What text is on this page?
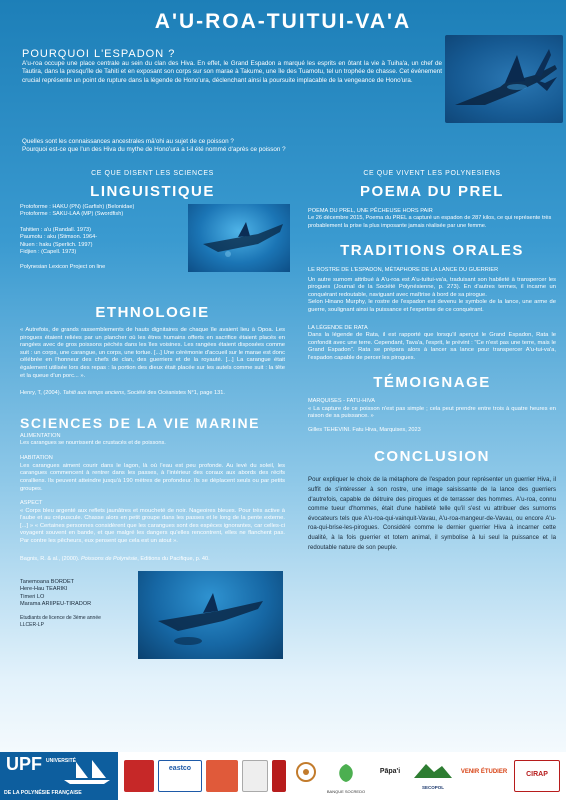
A'U-ROA-TUITUI-VA'A
POURQUOI L'ESPADON ?
A'u-roa occupe une place centrale au sein du clan des Hiva. En effet, le Grand Espadon a marqué les esprits en ôtant la vie à Tuiha'a, un chef de Tautira, dans la presqu'île de Tahiti et en exposant son corps sur son marae à Takume, une île des Tuamotu, tel un trophée de chasse. Cet événement crucial représente un point de rupture dans la légende de Hono'ura, déclenchant ainsi la poursuite implacable de la vengeance de Hono'ura.
Quelles sont les connaissances ancestrales mā'ohi au sujet de ce poisson ?
Pourquoi est-ce que l'un des Hiva du mythe de Hono'ura a t-il été nommé d'après ce poisson ?
CE QUE DISENT LES SCIENCES
LINGUISTIQUE
Protoforme : HAKU (PN) (Garfish) (Belonidae)
Protoforme : SAKU-LAA (MP) (Swordfish)
Tahitien : a'u (Randall. 1973)
Paumotu : aku (Stimson. 1964-
Niuen : haku (Sperlich. 1997)
Fidjien : (Capell. 1973)
Polynesian Lexicon Project on line
ETHNOLOGIE
« Autrefois, de grands rassemblements de hauts dignitaires de chaque île avaient lieu à Opoa. Les pirogues étaient reliées par un plancher où les êtres humains offerts en sacrifice étaient placés en rangées avec de gros poissons péchés dans les îles voisines. Les rangées étaient disposées comme suit : un corps, une carangue, un corps, une tortue. [...] Une cérémonie d'accueil sur le marae est donc célébrée en l'honneur des chefs de clan, des guerriers et de la royauté. [...] La carangue était également utilisée lors des repas : la portion des dieux était placée sur les autels comme suit : la tête et la queue d'un porc... ».
Henry, T, (2004). Tahiti aux temps anciens, Société des Océanistes N°1, page 131.
SCIENCES DE LA VIE MARINE
ALIMENTATION
Les carangues se nourrissent de crustacés et de poissons.
HABITATION
Les carangues aiment courir dans le lagon, là où l'eau est peu profonde. Au levé du soleil, les carangues commencent à rentrer dans les passes, à l'intérieur des coraux aux abords des récifs coralliens. Ils peuvent atteindre jusqu'à 190 mètres de profondeur. Ils se déplacent seuls ou par petits groupes.
ASPECT
« Corps bleu argenté aux reflets jaunâtres et moucheté de noir. Nageoires bleues. Pour très active à l'aube et au crépuscule. Chasse alors en petit groupe dans les passes et le long de la pente externe. [...] » « Certaines personnes considèrent que les carangues sont des espèces ignorantes, car celles-ci voyagent souvent en bande, et que malgré les dangers qu'elles rencontrent, elles ne flanchent pas. Par contre les pêcheurs, eux pensent que cela est un atout ».
Bagnis, R. & al., (2000). Poissons de Polynésie, Editions du Pacifique, p. 40.
Tanemoana BORDET
Here-Hau TEARIKI
Timeri LO
Marama ARIIPEU-TIRADOR
Etudiants de licence de 3ème année
LLCER-LP
CE QUE VIVENT LES POLYNESIENS
POEMA DU PREL
POEMA DU PREL, UNE PÊCHEUSE HORS PAIR
Le 26 décembre 2015, Poema du PREL a capturé un espadon de 287 kilos, ce qui représente très probablement la prise la plus imposante jamais réalisée par une femme.
TRADITIONS ORALES
LE ROSTRE DE L'ESPADON, MÉTAPHORE DE LA LANCE DU GUERRIER
Un autre surnom attribué à A'u-roa est A'u-tuitui-va'a, traduisant son habileté à transpercer les pirogues (Journal de la Société Polynésienne, p. 273). En d'autres termes, il incarne un conquérant redoutable, naviguant avec maîtrise à bord de sa pirogue.
Selon Hinano Murphy, le rostre de l'espadon est devenu le symbole de la lance, une arme de guerre, soulignant ainsi la puissance et l'expertise de ce conquérant.
LA LÉGENDE DE RATA
Dans la légende de Rata, il est rapporté que lorsqu'il aperçut le Grand Espadon, Rata le confondit avec une terre. Cependant, Tava'a, l'esprit, le prévint : "Ce n'est pas une terre, mais le Grand Espadon". Rata se prépara alors à lancer sa lance pour transpercer A'u-tui-va'a, l'espadon capable de percer les pirogues.
TÉMOIGNAGE
MARQUISES - FATU-HIVA
« La capture de ce poisson n'est pas simple ; cela peut prendre entre trois à quatre heures en raison de sa puissance. »
Gilles TEHEVINI. Fatu Hiva, Marquises, 2023
CONCLUSION
Pour expliquer le choix de la métaphore de l'espadon pour représenter un guerrier Hiva, il suffit de s'intéresser à son rostre, une image saisissante de la lance des guerriers d'autrefois, capable de détruire des pirogues et de terrasser des hommes. A'u-roa, connu comme tueur d'hommes, était d'une habileté telle qu'il s'est vu attribuer des surnoms évocateurs tels que A'u-roa-qui-vainquit-Vavau, A'u-roa-mangeur-de-Vavau, ou encore A'u-roa-qui-brise-les-pirogues. Considéré comme le dernier guerrier Hiva à incarner cette dualité, à la fois guerrier et totem animal, il symbolise à lui seul la puissance et la redoutable nature de son peuple.
UPF UNIVERSITÉ
DE LA POLYNÉSIE FRANÇAISE
eastco
BANQUE SOCREDO
Pāpa'i
SECOPOL
VENIR ÉTUDIER	CIRAP
